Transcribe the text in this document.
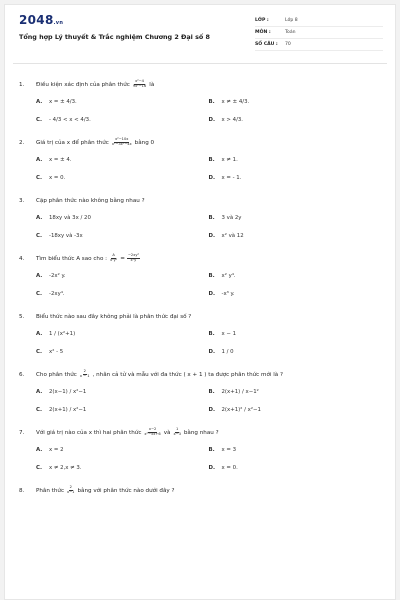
2048.vn
Tổng hợp Lý thuyết & Trắc nghiệm Chương 2 Đại số 8
LỚP :	Lớp 8
MÔN :	Toán
SỐ CÂU :	70
1.	Điều kiện xác định của phân thức $\frac{\text{x²−4}}{\text{9x²−16}}$ là
A.	x = ± 4/3.	B.	x ≠ ± 4/3.
C.	- 4/3 < x < 4/3.	D.	x > 4/3.
2.	Giá trị của x để phân thức $\frac{\text{x²−10x}}{\text{x²−3x²−4x}}$ bằng 0
A.	x = ± 4.	B.	x ≠ 1.
C.	x = 0.	D.	x = - 1.
3.	Cặp phân thức nào không bằng nhau ?
A.	18xy và 3x / 20	B.	3 và 2y
C.	-18xy và -3x	D.	x² và 12
4.	Tìm biểu thức A sao cho : $\frac{A}{\text{x²y²}} = \frac{\text{−2xy²}}{\text{x³y}}$
A.	-2x² y.	B.	x² y⁴.
C.	-2xy⁴.	D.	-x³ y.
5.	Biểu thức nào sau đây không phải là phân thức đại số ?
A.	1 / (x²+1)	B.	x − 1
C.	x² - 5	D.	1 / 0
6.	Cho phân thức $\frac{2}{x - 1}$ , nhân cả tử và mẫu với đa thức ( x + 1 ) ta được phân thức mới là ?
A.	2(x−1) / x²−1	B.	2(x+1) / x−1²
C.	2(x+1) / x²−1	D.	2(x+1)² / x²−1
7.	Với giá trị nào của x thì hai phân thức $\frac{x-2}{\text{x²−5x+6}}$ và $\frac{1}{x-3}$ bằng nhau ?
A.	x = 2	B.	x = 3
C.	x ≠ 2,x ≠ 3.	D.	x = 0.
8.	Phân thức $\frac{2}{x-1}$ bằng với phân thức nào dưới đây ?
